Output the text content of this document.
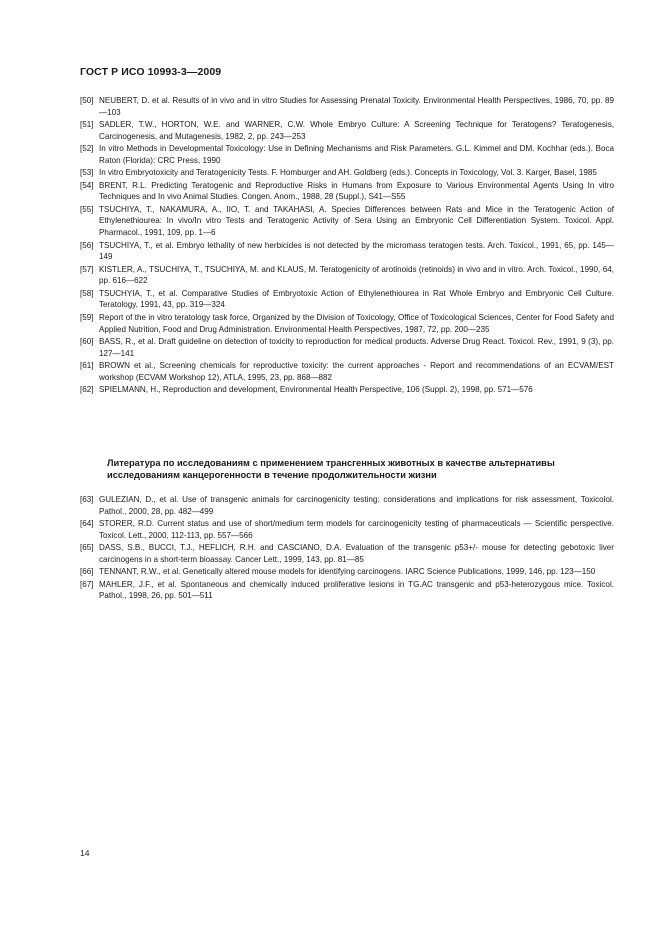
ГОСТ Р ИСО 10993-3—2009
[50] NEUBERT, D. et al. Results of in vivo and in vitro Studies for Assessing Prenatal Toxicity. Environmental Health Perspectives, 1986, 70, pp. 89—103
[51] SADLER, T.W., HORTON, W.E. and WARNER, C.W. Whole Embryo Culture: A Screening Technique for Teratogens? Teratogenesis, Carcinogenesis, and Mutagenesis, 1982, 2, pp. 243—253
[52] In vitro Methods in Developmental Toxicology: Use in Defining Mechanisms and Risk Parameters. G.L. Kimmel and DM. Kochhar (eds.). Boca Raton (Florida): CRC Press, 1990
[53] In vitro Embryotoxicity and Teratogenicity Tests. F. Homburger and AH. Goldberg (eds.). Concepts in Toxicology, Vol. 3. Karger, Basel, 1985
[54] BRENT, R.L. Predicting Teratogenic and Reproductive Risks in Humans from Exposure to Various Environmental Agents Using In vitro Techniques and In vivo Animal Studies. Congen. Anom., 1988, 28 (Suppl.), S41—S55
[55] TSUCHIYA, T., NAKAMURA, A., IIO, T. and TAKAHASI, A. Species Differences between Rats and Mice in the Teratogenic Action of Ethylenethiourea: In vivo/In vitro Tests and Teratogenic Activity of Sera Using an Embryonic Cell Differentiation System. Toxicol. Appl. Pharmacol., 1991, 109, pp. 1—6
[56] TSUCHIYA, T., et al. Embryo lethality of new herbicides is not detected by the micromass teratogen tests. Arch. Toxicol., 1991, 65, pp. 145—149
[57] KISTLER, A., TSUCHIYA, T., TSUCHIYA, M. and KLAUS, M. Teratogenicity of arotinoids (retinoids) in vivo and in vitro. Arch. Toxicol., 1990, 64, pp. 616—622
[58] TSUCHYIA, T., et al. Comparative Studies of Embryotoxic Action of Ethylenethiourea in Rat Whole Embryo and Embryonic Cell Culture. Teratology, 1991, 43, pp. 319—324
[59] Report of the in vitro teratology task force, Organized by the Division of Toxicology, Office of Toxicological Sciences, Center for Food Safety and Applied Nutrition, Food and Drug Administration. Environmental Health Perspectives, 1987, 72, pp. 200—235
[60] BASS, R., et al. Draft guideline on detection of toxicity to reproduction for medical products. Adverse Drug React. Toxicol. Rev., 1991, 9 (3), pp. 127—141
[61] BROWN et al., Screening chemicals for reproductive toxicity: the current approaches - Report and recommendations of an ECVAM/EST workshop (ECVAM Workshop 12), ATLA, 1995, 23, pp. 868—882
[62] SPIELMANN, H., Reproduction and development, Environmental Health Perspective, 106 (Suppl. 2), 1998, pp. 571—576
Литература по исследованиям с применением трансгенных животных в качестве альтернативы исследованиям канцерогенности в течение продолжительности жизни
[63] GULEZIAN, D., et al. Use of transgenic animals for carcinogenicity testing: considerations and implications for risk assessment, Toxicolol. Pathol., 2000, 28, pp. 482—499
[64] STORER, R.D. Current status and use of short/medium term models for carcinogenicity testing of pharmaceuticals — Scientific perspective. Toxicol. Lett., 2000, 112-113, pp. 557—566
[65] DASS, S.B., BUCCI, T.J., HEFLICH, R.H. and CASCIANO, D.A. Evaluation of the transgenic p53+/- mouse for detecting gebotoxic liver carcinogens in a short-term bioassay. Cancer Lett., 1999, 143, pp. 81—85
[66] TENNANT, R.W., et al. Genetically altered mouse models for identifying carcinogens. IARC Science Publications, 1999, 146, pp. 123—150
[67] MAHLER, J.F., et al. Spontaneous and chemically induced proliferative lesions in TG.AC transgenic and p53-heterozygous mice. Toxicol. Pathol., 1998, 26, pp. 501—511
14
